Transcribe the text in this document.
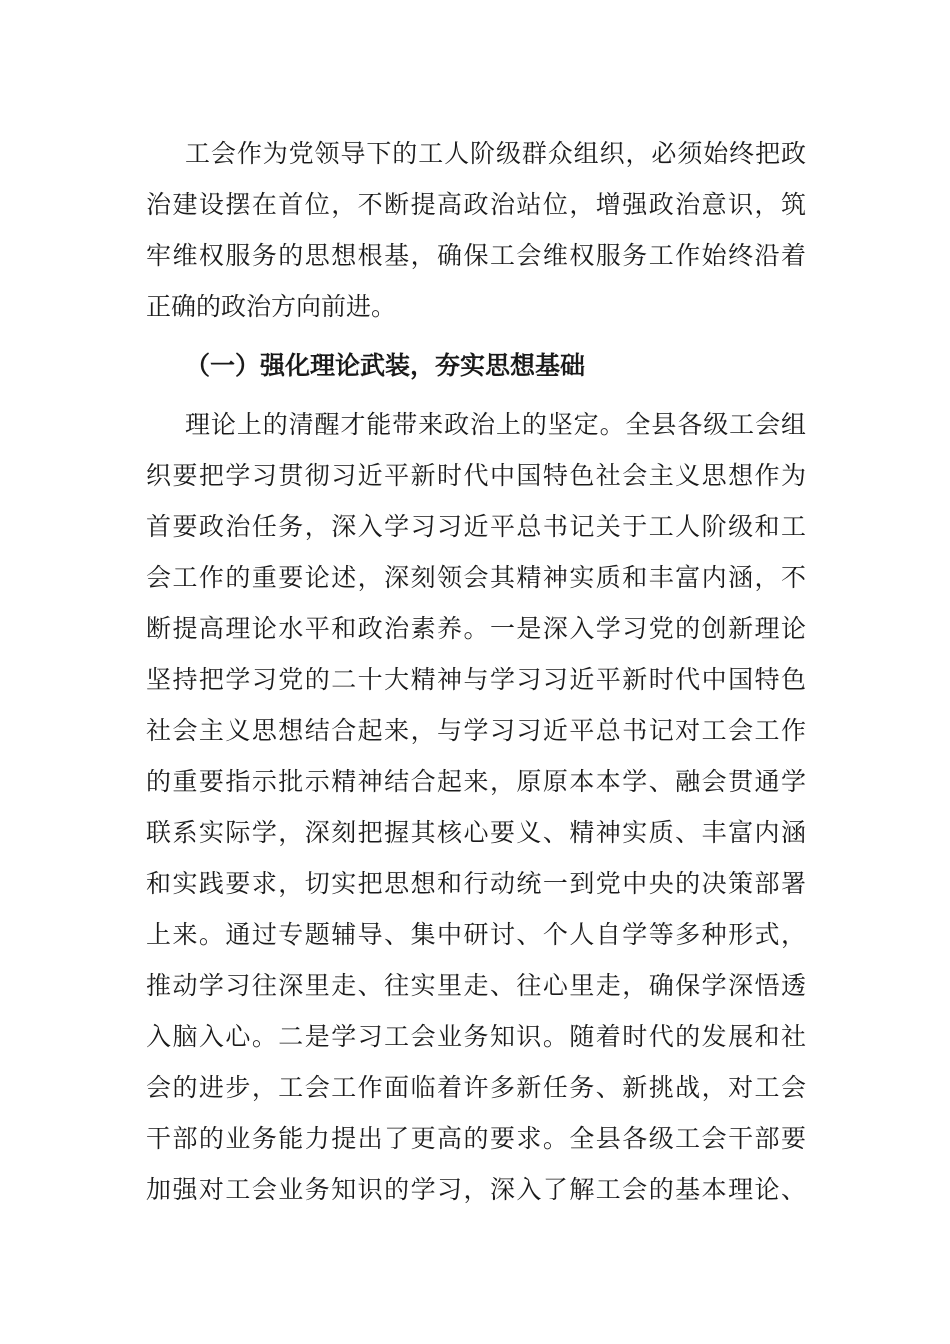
工会作为党领导下的工人阶级群众组织，必须始终把政
治建设摆在首位，不断提高政治站位，增强政治意识，筑
牢维权服务的思想根基，确保工会维权服务工作始终沿着
正确的政治方向前进。
（一）强化理论武装，夯实思想基础
理论上的清醒才能带来政治上的坚定。全县各级工会组
织要把学习贯彻习近平新时代中国特色社会主义思想作为
首要政治任务，深入学习习近平总书记关于工人阶级和工
会工作的重要论述，深刻领会其精神实质和丰富内涵，不
断提高理论水平和政治素养。一是深入学习党的创新理论
坚持把学习党的二十大精神与学习习近平新时代中国特色
社会主义思想结合起来，与学习习近平总书记对工会工作
的重要指示批示精神结合起来，原原本本学、融会贯通学
联系实际学，深刻把握其核心要义、精神实质、丰富内涵
和实践要求，切实把思想和行动统一到党中央的决策部署
上来。通过专题辅导、集中研讨、个人自学等多种形式，
推动学习往深里走、往实里走、往心里走，确保学深悟透
入脑入心。二是学习工会业务知识。随着时代的发展和社
会的进步，工会工作面临着许多新任务、新挑战，对工会
干部的业务能力提出了更高的要求。全县各级工会干部要
加强对工会业务知识的学习，深入了解工会的基本理论、
